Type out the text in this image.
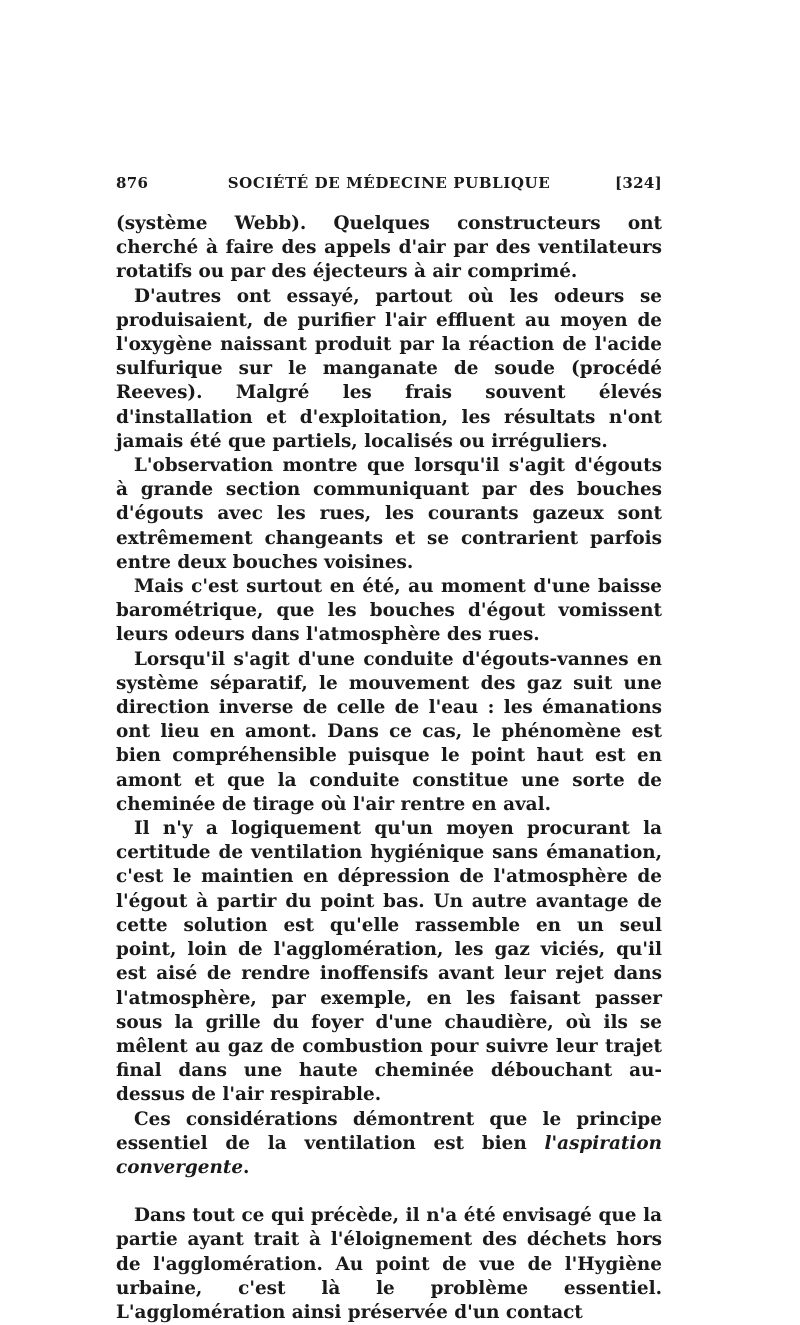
876	SOCIÉTÉ DE MÉDECINE PUBLIQUE	[324]

(système Webb). Quelques constructeurs ont cherché à faire des appels d'air par des ventilateurs rotatifs ou par des éjecteurs à air comprimé.

D'autres ont essayé, partout où les odeurs se produisaient, de purifier l'air effluent au moyen de l'oxygène naissant produit par la réaction de l'acide sulfurique sur le manganate de soude (procédé Reeves). Malgré les frais souvent élevés d'installation et d'exploitation, les résultats n'ont jamais été que partiels, localisés ou irréguliers.

L'observation montre que lorsqu'il s'agit d'égouts à grande section communiquant par des bouches d'égouts avec les rues, les courants gazeux sont extrêmement changeants et se contrarient parfois entre deux bouches voisines.

Mais c'est surtout en été, au moment d'une baisse barométrique, que les bouches d'égout vomissent leurs odeurs dans l'atmosphère des rues.

Lorsqu'il s'agit d'une conduite d'égouts-vannes en système séparatif, le mouvement des gaz suit une direction inverse de celle de l'eau : les émanations ont lieu en amont. Dans ce cas, le phénomène est bien compréhensible puisque le point haut est en amont et que la conduite constitue une sorte de cheminée de tirage où l'air rentre en aval.

Il n'y a logiquement qu'un moyen procurant la certitude de ventilation hygiénique sans émanation, c'est le maintien en dépression de l'atmosphère de l'égout à partir du point bas. Un autre avantage de cette solution est qu'elle rassemble en un seul point, loin de l'agglomération, les gaz viciés, qu'il est aisé de rendre inoffensifs avant leur rejet dans l'atmosphère, par exemple, en les faisant passer sous la grille du foyer d'une chaudière, où ils se mêlent au gaz de combustion pour suivre leur trajet final dans une haute cheminée débouchant au-dessus de l'air respirable.

Ces considérations démontrent que le principe essentiel de la ventilation est bien l'aspiration convergente.

Dans tout ce qui précède, il n'a été envisagé que la partie ayant trait à l'éloignement des déchets hors de l'agglomération. Au point de vue de l'Hygiène urbaine, c'est là le problème essentiel. L'agglomération ainsi préservée d'un contact
